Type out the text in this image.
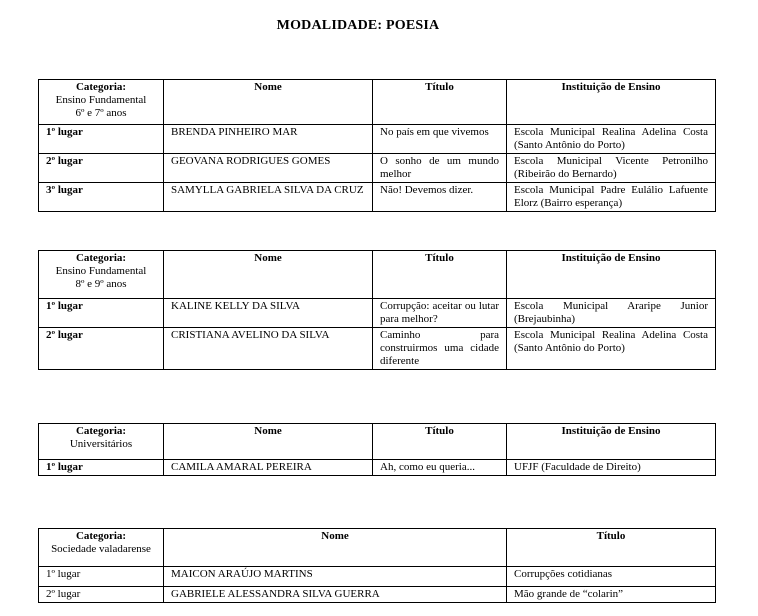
MODALIDADE: POESIA
Categoria:
Ensino Fundamental
6º e 7º anos	Nome	Título	Instituição de Ensino
1º lugar	BRENDA PINHEIRO MAR	No país em que vivemos	Escola Municipal Realina Adelina Costa (Santo Antônio do Porto)
2º lugar	GEOVANA RODRIGUES GOMES	O sonho de um mundo melhor	Escola Municipal Vicente Petronilho (Ribeirão do Bernardo)
3º lugar	SAMYLLA GABRIELA SILVA DA CRUZ	Não! Devemos dizer.	Escola Municipal Padre Eulálio Lafuente Elorz (Bairro esperança)
Categoria:
Ensino Fundamental
8º e 9º anos	Nome	Título	Instituição de Ensino
1º lugar	KALINE KELLY DA SILVA	Corrupção: aceitar ou lutar para melhor?	Escola Municipal Araripe Junior (Brejaubinha)
2º lugar	CRISTIANA AVELINO DA SILVA	Caminho para construirmos uma cidade diferente	Escola Municipal Realina Adelina Costa (Santo Antônio do Porto)
Categoria:
Universitários	Nome	Título	Instituição de Ensino
1º lugar	CAMILA AMARAL PEREIRA	Ah, como eu queria...	UFJF (Faculdade de Direito)
Categoria:
Sociedade valadarense	Nome	Título
1º lugar	MAICON ARAÚJO MARTINS	Corrupções cotidianas
2º lugar	GABRIELE ALESSANDRA SILVA GUERRA	Mão grande de “colarin”
